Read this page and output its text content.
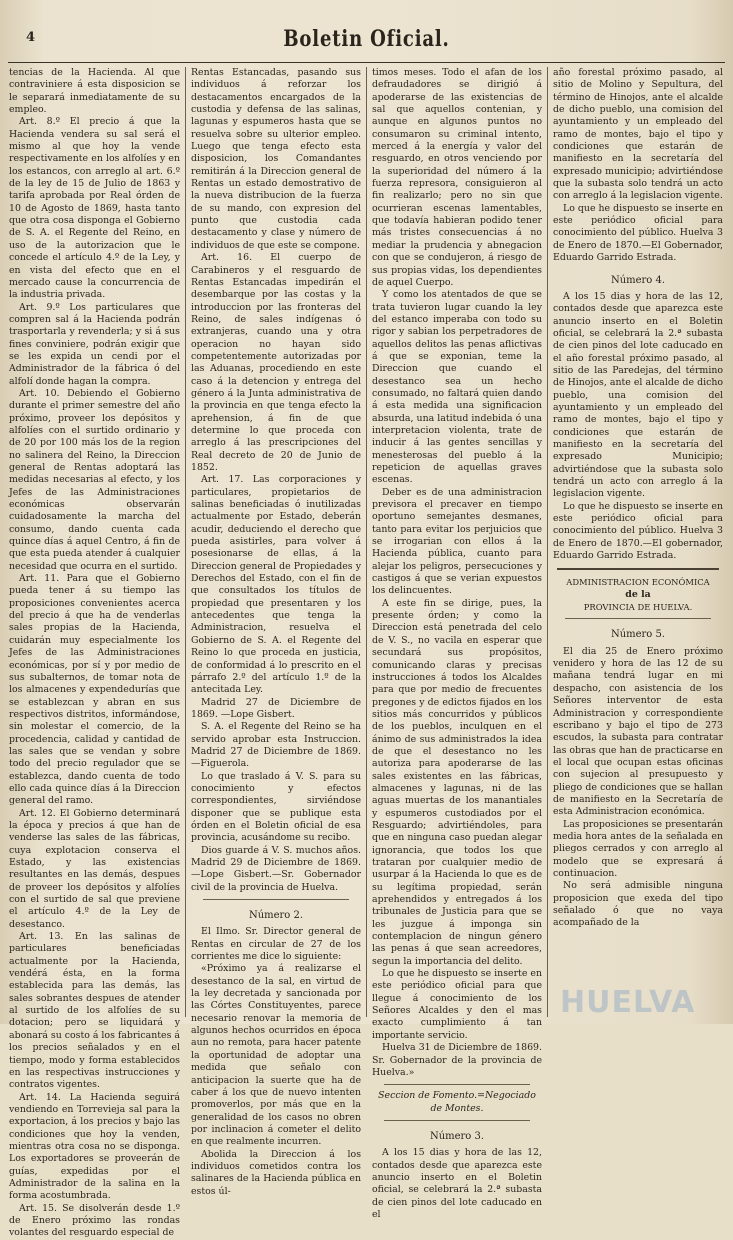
4	Boletin Oficial.

tencias de la Hacienda. Al que contraviniere á esta disposicion se le separará inmediatamente de su empleo.

Art. 8.º El precio á que la Hacienda vendera su sal será el mismo al que hoy la vende respectivamente en los alfolíes y en los estancos, con arreglo al art. 6.º de la ley de 15 de Julio de 1863 y tarifa aprobada por Real órden de 10 de Agosto de 1869, hasta tanto que otra cosa disponga el Gobierno de S. A. el Regente del Reino, en uso de la autorizacion que le concede el artículo 4.º de la Ley, y en vista del efecto que en el mercado cause la concurrencia de la industria privada.

Art. 9.º Los particulares que compren sal á la Hacienda podrán trasportarla y revenderla; y si á sus fines conviniere, podrán exigir que se les expida un cendi por el Administrador de la fábrica ó del alfolí donde hagan la compra.

Art. 10. Debiendo el Gobierno durante el primer semestre del año próximo, proveer los depósitos y alfolíes con el surtido ordinario y de 20 por 100 más los de la region no salinera del Reino, la Direccion general de Rentas adoptará las medidas necesarias al efecto, y los Jefes de las Administraciones económicas observarán cuidadosamente la marcha del consumo, dando cuenta cada quince días á aquel Centro, á fin de que esta pueda atender á cualquier necesidad que ocurra en el surtido.

Art. 11. Para que el Gobierno pueda tener á su tiempo las proposiciones convenientes acerca del precio á que ha de venderlas sales propias de la Hacienda, cuidarán muy especialmente los Jefes de las Administraciones económicas, por sí y por medio de sus subalternos, de tomar nota de los almacenes y expendedurías que se establezcan y abran en sus respectivos distritos, informándose, sin molestar el comercio, de la procedencia, calidad y cantidad de las sales que se vendan y sobre todo del precio regulador que se establezca, dando cuenta de todo ello cada quince días á la Direccion general del ramo.

Art. 12. El Gobierno determinará la época y precios á que han de venderse las sales de las fábricas, cuya explotacion conserva el Estado, y las existencias resultantes en las demás, despues de proveer los depósitos y alfolíes con el surtido de sal que previene el artículo 4.º de la Ley de desestanco.

Art. 13. En las salinas de particulares beneficiadas actualmente por la Hacienda, vendérá ésta, en la forma establecida para las demás, las sales sobrantes despues de atender al surtido de los alfolíes de su dotacion; pero se liquidará y abonará su costo á los fabricantes á los precios señalados y en el tiempo, modo y forma establecidos en las respectivas instrucciones y contratos vigentes.

Art. 14. La Hacienda seguirá vendiendo en Torrevieja sal para la exportacion, á los precios y bajo las condiciones que hoy la venden, mientras otra cosa no se disponga. Los exportadores se proveerán de guías, expedidas por el Administrador de la salina en la forma acostumbrada.

Art. 15. Se disolverán desde 1.º de Enero próximo las rondas volantes del resguardo especial de

Rentas Estancadas, pasando sus individuos á reforzar los destacamentos encargados de la custodia y defensa de las salinas, lagunas y espumeros hasta que se resuelva sobre su ulterior empleo. Luego que tenga efecto esta disposicion, los Comandantes remitirán á la Direccion general de Rentas un estado demostrativo de la nueva distribucion de la fuerza de su mando, con expresion del punto que custodia cada destacamento y clase y número de individuos de que este se compone.

Art. 16. El cuerpo de Carabineros y el resguardo de Rentas Estancadas impedirán el desembarque por las costas y la introduccion por las fronteras del Reino, de sales indígenas ó extranjeras, cuando una y otra operacion no hayan sido competentemente autorizadas por las Aduanas, procediendo en este caso á la detencion y entrega del género á la Junta administrativa de la provincia en que tenga efecto la aprehension, á fin de que determine lo que proceda con arreglo á las prescripciones del Real decreto de 20 de Junio de 1852.

Art. 17. Las corporaciones y particulares, propietarios de salinas beneficiadas ó inutilizadas actualmente por Estado, deberán acudir, deduciendo el derecho que pueda asistirles, para volver á posesionarse de ellas, á la Direccion general de Propiedades y Derechos del Estado, con el fin de que consultados los títulos de propiedad que presentaren y los antecedentes que tenga la Administracion, resuelva el Gobierno de S. A. el Regente del Reino lo que proceda en justicia, de conformidad á lo prescrito en el párrafo 2.º del artículo 1.º de la antecitada Ley.

Madrid 27 de Diciembre de 1869. —Lope Gisbert.

S. A. el Regente del Reino se ha servido aprobar esta Instruccion. Madrid 27 de Diciembre de 1869. —Figuerola.

Lo que traslado á V. S. para su conocimiento y efectos correspondientes, sirviéndose disponer que se publique esta órden en el Boletin oficial de esa provincia, acusándome su recibo.

Dios guarde á V. S. muchos años. Madrid 29 de Diciembre de 1869.—Lope Gisbert.—Sr. Gobernador civil de la provincia de Huelva.

Número 2.

El Ilmo. Sr. Director general de Rentas en circular de 27 de los corrientes me dice lo siguiente:

«Próximo ya á realizarse el desestanco de la sal, en virtud de la ley decretada y sancionada por las Córtes Constituyentes, parece necesario renovar la memoria de algunos hechos ocurridos en época aun no remota, para hacer patente la oportunidad de adoptar una medida que señalo con anticipacion la suerte que ha de caber á los que de nuevo intenten promoverlos, por más que en la generalidad de los casos no obren por inclinacion á cometer el delito en que realmente incurren.

Abolida la Direccion á los individuos cometidos contra los salinares de la Hacienda pública en estos úl-

timos meses. Todo el afan de los defraudadores se dirigió á apoderarse de las existencias de sal que aquellos contenian, y aunque en algunos puntos no consumaron su criminal intento, merced á la energía y valor del resguardo, en otros venciendo por la superioridad del número á la fuerza represora, consiguieron al fin realizarlo; pero no sin que ocurrieran escenas lamentables, que todavía habieran podido tener más tristes consecuencias á no mediar la prudencia y abnegacion con que se condujeron, á riesgo de sus propias vidas, los dependientes de aquel Cuerpo.

Y como los atentados de que se trata tuvieron lugar cuando la ley del estanco imperaba con todo su rigor y sabian los perpetradores de aquellos delitos las penas aflictivas á que se exponian, teme la Direccion que cuando el desestanco sea un hecho consumado, no faltará quien dando á esta medida una significacion absurda, una latitud indebida ó una interpretacion violenta, trate de inducir á las gentes sencillas y menesterosas del pueblo á la repeticion de aquellas graves escenas.

Deber es de una administracion previsora el precaver en tiempo oportuno semejantes desmanes, tanto para evitar los perjuicios que se irrogarian con ellos á la Hacienda pública, cuanto para alejar los peligros, persecuciones y castigos á que se verian expuestos los delincuentes.

A este fin se dirige, pues, la presente órden; y como la Direccion está penetrada del celo de V. S., no vacila en esperar que secundará sus propósitos, comunicando claras y precisas instrucciones á todos los Alcaldes para que por medio de frecuentes pregones y de edictos fijados en los sitios más concurridos y públicos de los pueblos, inculquen en el ánimo de sus administrados la idea de que el desestanco no les autoriza para apoderarse de las sales existentes en las fábricas, almacenes y lagunas, ni de las aguas muertas de los manantiales y espumeros custodiados por el Resguardo; advirtiéndoles, para que en ninguna caso puedan alegar ignorancia, que todos los que trataran por cualquier medio de usurpar á la Hacienda lo que es de su legítima propiedad, serán aprehendidos y entregados á los tribunales de Justicia para que se les juzgue á imponga sin contemplacion de ningun género las penas á que sean acreedores, segun la importancia del delito.

Lo que he dispuesto se inserte en este periódico oficial para que llegue á conocimiento de los Señores Alcaldes y den el mas exacto cumplimiento á tan importante servicio.

Huelva 31 de Diciembre de 1869. Sr. Gobernador de la provincia de Huelva.»

Seccion de Fomento.=Negociado de Montes.

Número 3.

A los 15 dias y hora de las 12, contados desde que aparezca este anuncio inserto en el Boletin oficial, se celebrará la 2.ª subasta de cien pinos del lote caducado en el

año forestal próximo pasado, al sitio de Molino y Sepultura, del término de Hinojos, ante el alcalde de dicho pueblo, una comision del ayuntamiento y un empleado del ramo de montes, bajo el tipo y condiciones que estarán de manifiesto en la secretaría del expresado municipio; advirtiéndose que la subasta solo tendrá un acto con arreglo á la legislacion vigente.

Lo que he dispuesto se inserte en este periódico oficial para conocimiento del público. Huelva 3 de Enero de 1870.—El Gobernador, Eduardo Garrido Estrada.

Número 4.

A los 15 dias y hora de las 12, contados desde que aparezca este anuncio inserto en el Boletin oficial, se celebrará la 2.ª subasta de cien pinos del lote caducado en el año forestal próximo pasado, al sitio de las Paredejas, del término de Hinojos, ante el alcalde de dicho pueblo, una comision del ayuntamiento y un empleado del ramo de montes, bajo el tipo y condiciones que estarán de manifiesto en la secretaría del expresado Municipio; advirtiéndose que la subasta solo tendrá un acto con arreglo á la legislacion vigente.

Lo que he dispuesto se inserte en este periódico oficial para conocimiento del público. Huelva 3 de Enero de 1870.—El gobernador, Eduardo Garrido Estrada.

ADMINISTRACION ECONÓMICA

de la

PROVINCIA DE HUELVA.

Número 5.

El dia 25 de Enero próximo venidero y hora de las 12 de su mañana tendrá lugar en mi despacho, con asistencia de los Señores interventor de esta Administracion y correspondiente escribano y bajo el tipo de 273 escudos, la subasta para contratar las obras que han de practicarse en el local que ocupan estas oficinas con sujecion al presupuesto y pliego de condiciones que se hallan de manifiesto en la Secretaría de esta Administracion económica.

Las proposiciones se presentarán media hora antes de la señalada en pliegos cerrados y con arreglo al modelo que se expresará á continuacion.

No será admisible ninguna proposicion que exeda del tipo señalado ó que no vaya acompañado de la

HUELVA
